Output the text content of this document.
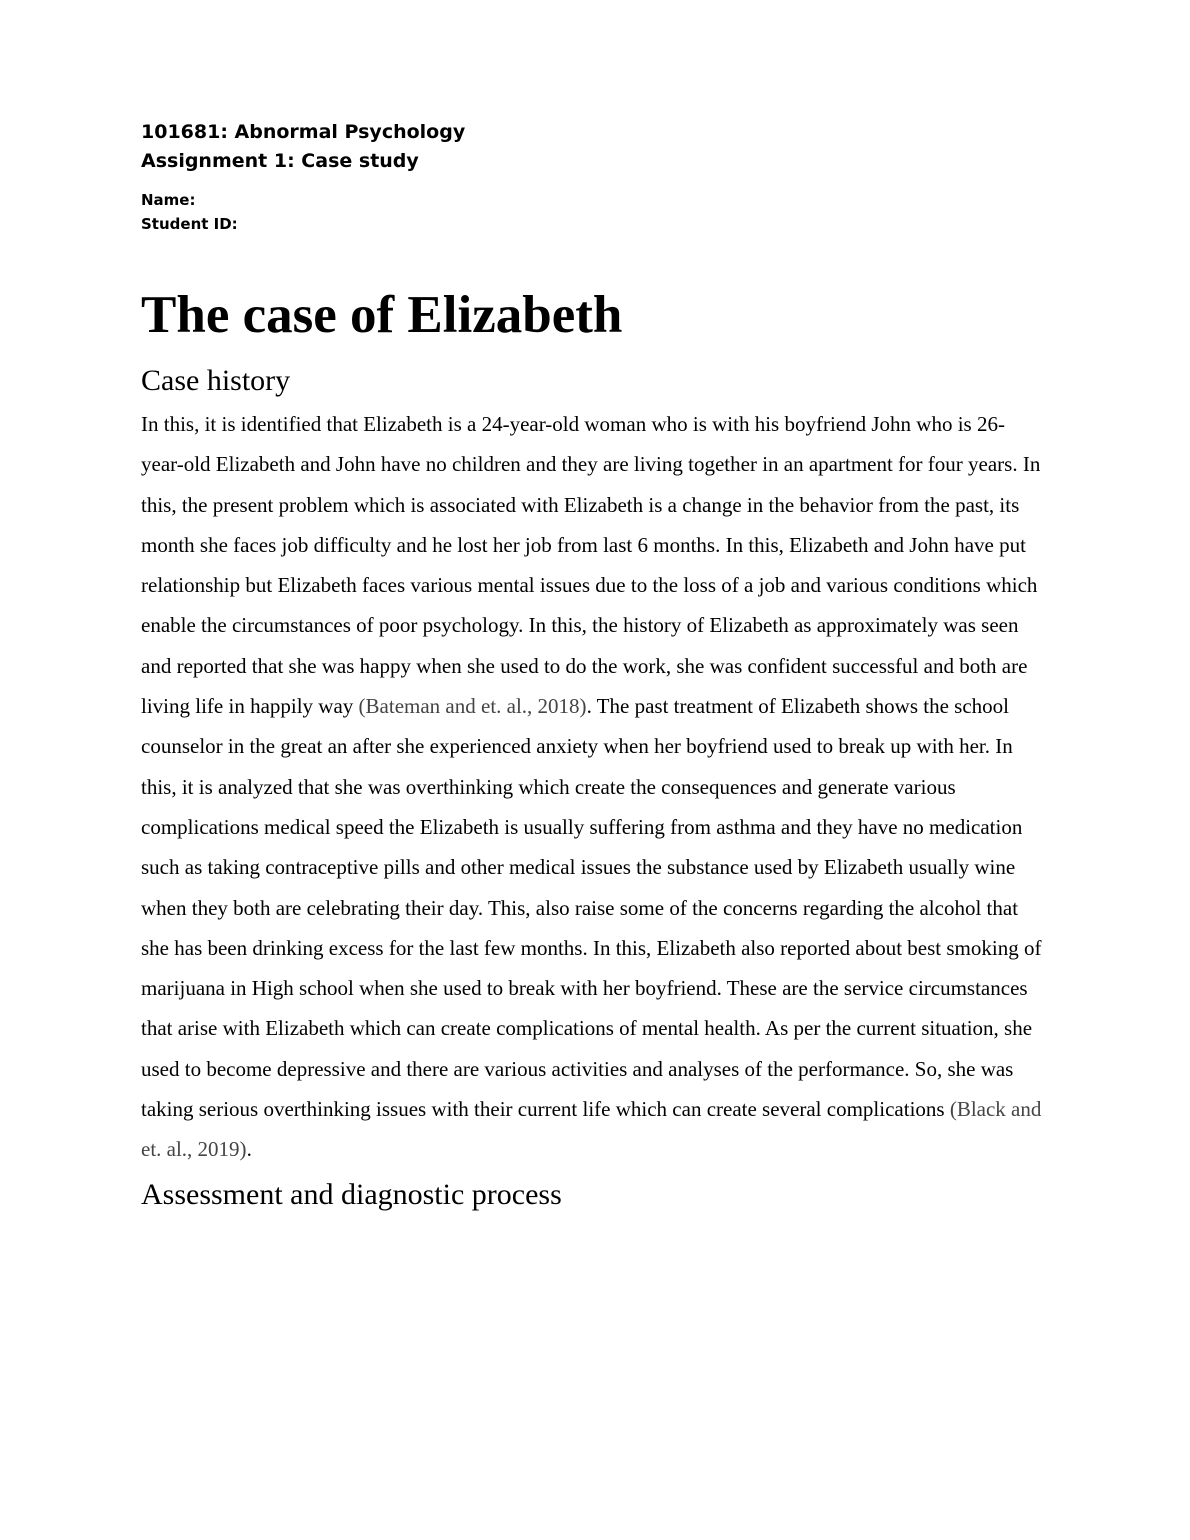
101681: Abnormal Psychology

Assignment 1: Case study

Name:

Student ID:

The case of Elizabeth
Case history

In this, it is identified that Elizabeth is a 24-year-old woman who is with his boyfriend John who is 26-year-old Elizabeth and John have no children and they are living together in an apartment for four years. In this, the present problem which is associated with Elizabeth is a change in the behavior from the past, its month she faces job difficulty and he lost her job from last 6 months. In this, Elizabeth and John have put relationship but Elizabeth faces various mental issues due to the loss of a job and various conditions which enable the circumstances of poor psychology. In this, the history of Elizabeth as approximately was seen and reported that she was happy when she used to do the work, she was confident successful and both are living life in happily way (Bateman and et. al., 2018). The past treatment of Elizabeth shows the school counselor in the great an after she experienced anxiety when her boyfriend used to break up with her. In this, it is analyzed that she was overthinking which create the consequences and generate various complications medical speed the Elizabeth is usually suffering from asthma and they have no medication such as taking contraceptive pills and other medical issues the substance used by Elizabeth usually wine when they both are celebrating their day. This, also raise some of the concerns regarding the alcohol that she has been drinking excess for the last few months. In this, Elizabeth also reported about best smoking of marijuana in High school when she used to break with her boyfriend. These are the service circumstances that arise with Elizabeth which can create complications of mental health. As per the current situation, she used to become depressive and there are various activities and analyses of the performance. So, she was taking serious overthinking issues with their current life which can create several complications (Black and et. al., 2019).

Assessment and diagnostic process
